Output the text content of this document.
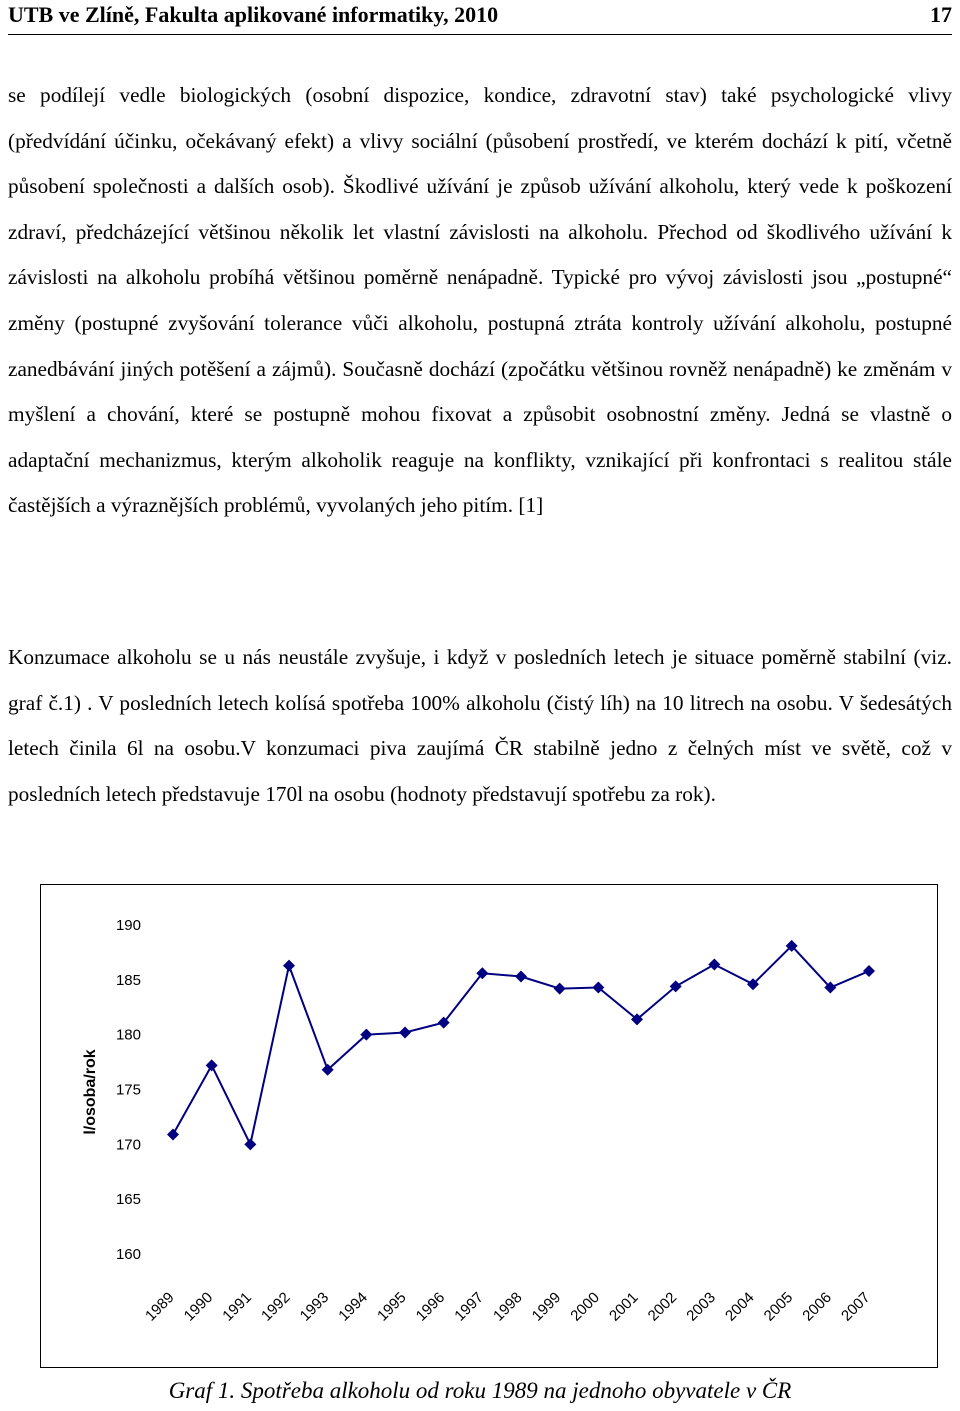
UTB ve Zlíně, Fakulta aplikované informatiky, 2010	17

se podílejí vedle biologických (osobní dispozice, kondice, zdravotní stav) také psychologické vlivy (předvídání účinku, očekávaný efekt) a vlivy sociální (působení prostředí, ve kterém dochází k pití, včetně působení společnosti a dalších osob). Škodlivé užívání je způsob užívání alkoholu, který vede k poškození zdraví, předcházející většinou několik let vlastní závislosti na alkoholu. Přechod od škodlivého užívání k závislosti na alkoholu probíhá většinou poměrně nenápadně. Typické pro vývoj závislosti jsou „postupné“ změny (postupné zvyšování tolerance vůči alkoholu, postupná ztráta kontroly užívání alkoholu, postupné zanedbávání jiných potěšení a zájmů). Současně dochází (zpočátku většinou rovněž nenápadně) ke změnám v myšlení a chování, které se postupně mohou fixovat a způsobit osobnostní změny. Jedná se vlastně o adaptační mechanizmus, kterým alkoholik reaguje na konflikty, vznikající při konfrontaci s realitou stále častějších a výraznějších problémů, vyvolaných jeho pitím. [1]

Konzumace alkoholu se u nás neustále zvyšuje, i když v posledních letech je situace poměrně stabilní (viz. graf č.1) . V posledních letech kolísá spotřeba 100% alkoholu (čistý líh) na 10 litrech na osobu. V šedesátých letech činila 6l na osobu.V konzumaci piva zaujímá ČR stabilně jedno z čelných míst ve světě, což v posledních letech představuje 170l na osobu (hodnoty představují spotřebu za rok).

l/osoba/rok
190
185
180
175
170
165
160
1989 1990 1991 1992 1993 1994 1995 1996 1997 1998 1999 2000 2001 2002 2003 2004 2005 2006 2007
Graf 1. Spotřeba alkoholu od roku 1989 na jednoho obyvatele v ČR
